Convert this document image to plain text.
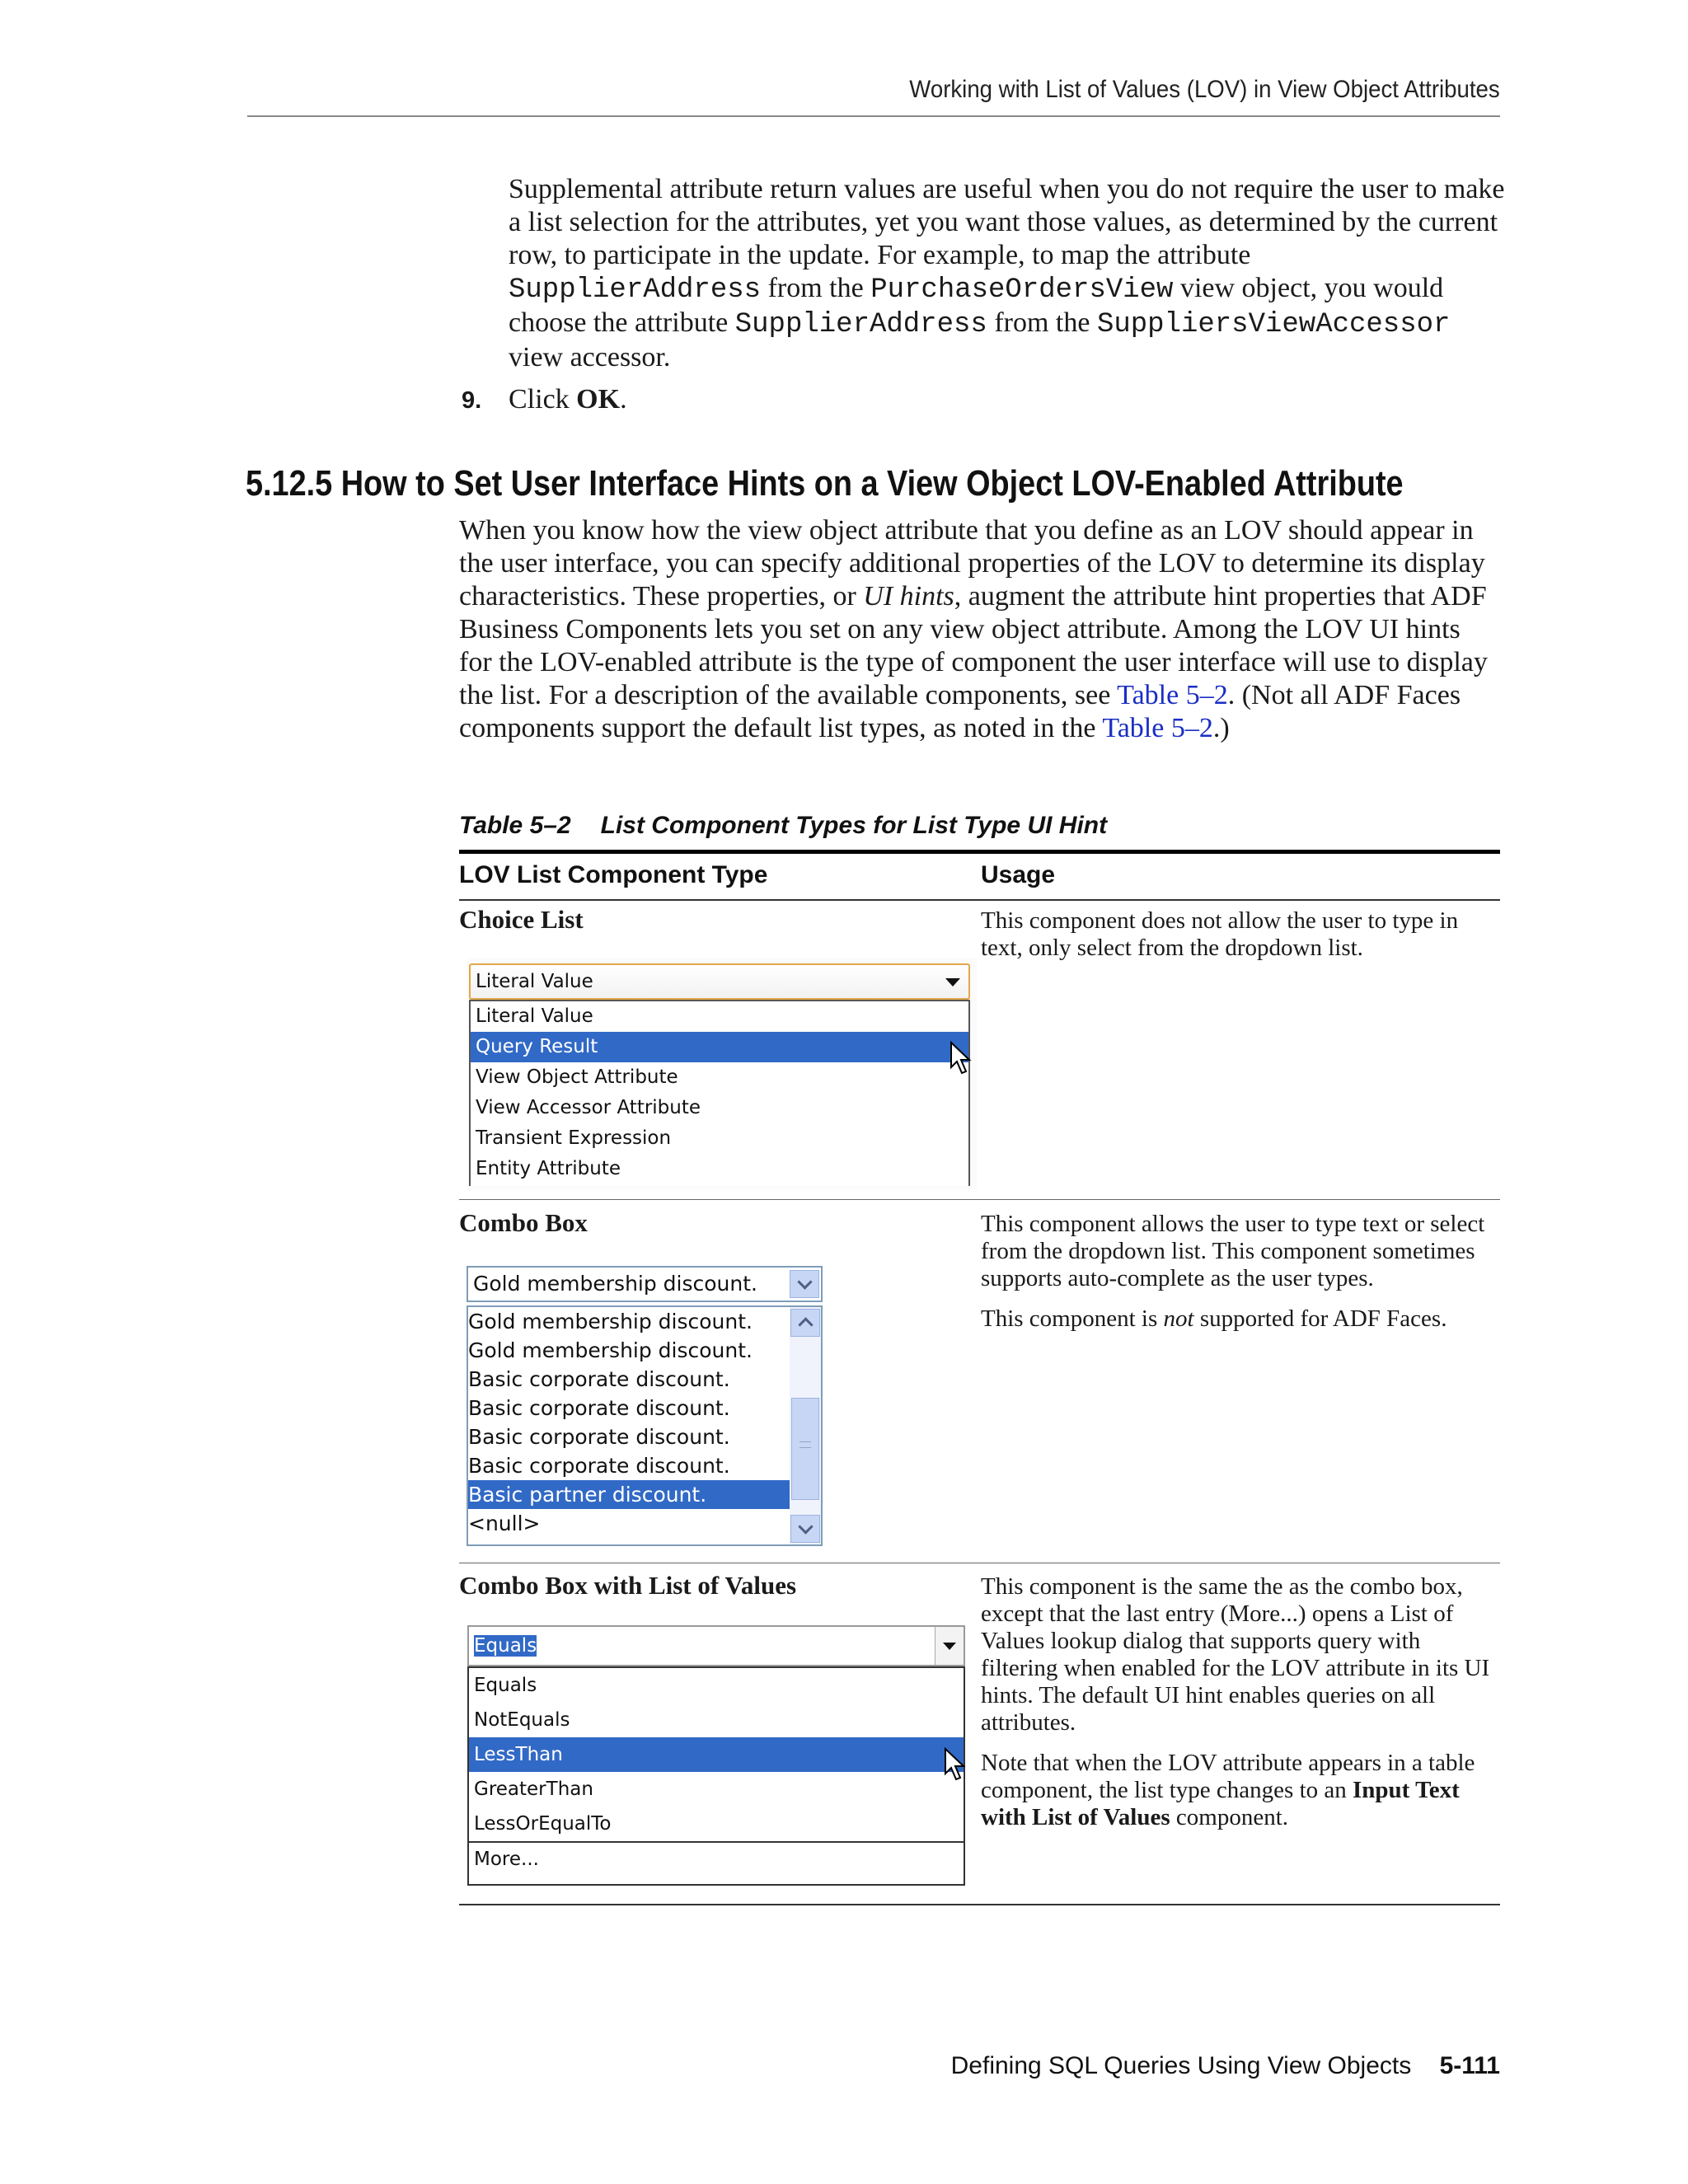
Working with List of Values (LOV) in View Object Attributes
Supplemental attribute return values are useful when you do not require the user to make a list selection for the attributes, yet you want those values, as determined by the current row, to participate in the update. For example, to map the attribute SupplierAddress from the PurchaseOrdersView view object, you would choose the attribute SupplierAddress from the SuppliersViewAccessor view accessor.
9. Click OK.
5.12.5 How to Set User Interface Hints on a View Object LOV-Enabled Attribute
When you know how the view object attribute that you define as an LOV should appear in the user interface, you can specify additional properties of the LOV to determine its display characteristics. These properties, or UI hints, augment the attribute hint properties that ADF Business Components lets you set on any view object attribute. Among the LOV UI hints for the LOV-enabled attribute is the type of component the user interface will use to display the list. For a description of the available components, see Table 5–2. (Not all ADF Faces components support the default list types, as noted in the Table 5–2.)
Table 5–2 List Component Types for List Type UI Hint
LOV List Component Type	Usage
Choice List	This component does not allow the user to type in text, only select from the dropdown list.

Literal Value
Literal Value
Query Result
View Object Attribute
View Accessor Attribute
Transient Expression
Entity Attribute
Combo Box	This component allows the user to type text or select from the dropdown list. This component sometimes supports auto-complete as the user types.

This component is not supported for ADF Faces.

Gold membership discount.
Gold membership discount.
Gold membership discount.
Basic corporate discount.
Basic corporate discount.
Basic corporate discount.
Basic corporate discount.
Basic partner discount.
<null>
Combo Box with List of Values	This component is the same the as the combo box, except that the last entry (More...) opens a List of Values lookup dialog that supports query with filtering when enabled for the LOV attribute in its UI hints. The default UI hint enables queries on all attributes.

Note that when the LOV attribute appears in a table component, the list type changes to an Input Text with List of Values component.

Equals
Equals
NotEquals
LessThan
GreaterThan
LessOrEqualTo
More...
Defining SQL Queries Using View Objects 5-111
